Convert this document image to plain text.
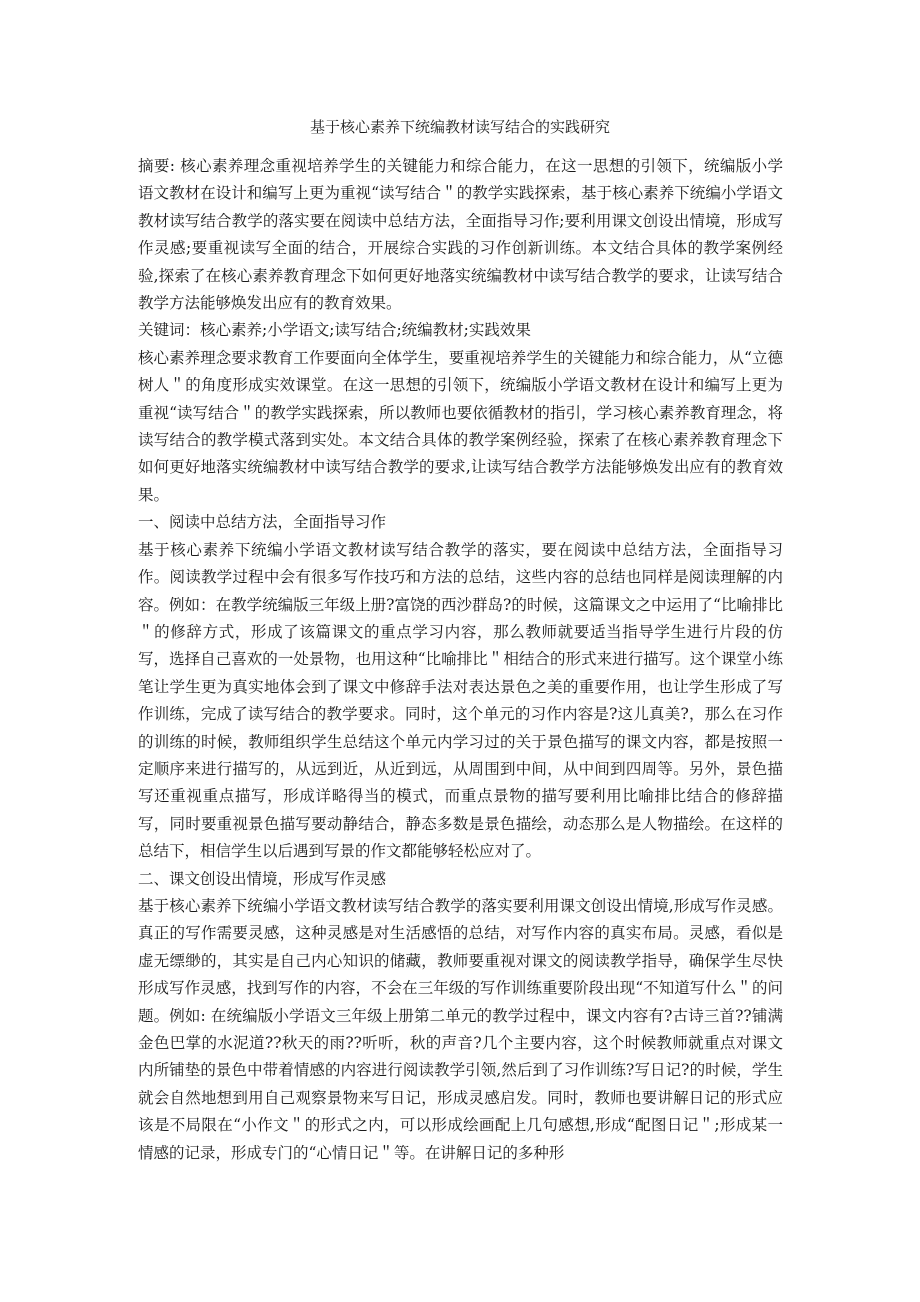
基于核心素养下统编教材读写结合的实践研究

摘要: 核心素养理念重视培养学生的关键能力和综合能力，在这一思想的引领下，统编版小学语文教材在设计和编写上更为重视“读写结合＂的教学实践探索，基于核心素养下统编小学语文教材读写结合教学的落实要在阅读中总结方法，全面指导习作;要利用课文创设出情境，形成写作灵感;要重视读写全面的结合，开展综合实践的习作创新训练。本文结合具体的教学案例经验,探索了在核心素养教育理念下如何更好地落实统编教材中读写结合教学的要求，让读写结合教学方法能够焕发出应有的教育效果。

关键词：核心素养;小学语文;读写结合;统编教材;实践效果

核心素养理念要求教育工作要面向全体学生，要重视培养学生的关键能力和综合能力，从“立德树人＂的角度形成实效课堂。在这一思想的引领下，统编版小学语文教材在设计和编写上更为重视“读写结合＂的教学实践探索，所以教师也要依循教材的指引，学习核心素养教育理念，将读写结合的教学模式落到实处。本文结合具体的教学案例经验，探索了在核心素养教育理念下如何更好地落实统编教材中读写结合教学的要求,让读写结合教学方法能够焕发出应有的教育效果。

一、阅读中总结方法，全面指导习作

基于核心素养下统编小学语文教材读写结合教学的落实，要在阅读中总结方法，全面指导习作。阅读教学过程中会有很多写作技巧和方法的总结，这些内容的总结也同样是阅读理解的内容。例如：在教学统编版三年级上册?富饶的西沙群岛?的时候，这篇课文之中运用了“比喻排比＂的修辞方式，形成了该篇课文的重点学习内容，那么教师就要适当指导学生进行片段的仿写，选择自己喜欢的一处景物，也用这种“比喻排比＂相结合的形式来进行描写。这个课堂小练笔让学生更为真实地体会到了课文中修辞手法对表达景色之美的重要作用，也让学生形成了写作训练，完成了读写结合的教学要求。同时，这个单元的习作内容是?这儿真美?，那么在习作的训练的时候，教师组织学生总结这个单元内学习过的关于景色描写的课文内容，都是按照一定顺序来进行描写的，从远到近，从近到远，从周围到中间，从中间到四周等。另外，景色描写还重视重点描写，形成详略得当的模式，而重点景物的描写要利用比喻排比结合的修辞描写，同时要重视景色描写要动静结合，静态多数是景色描绘，动态那么是人物描绘。在这样的总结下，相信学生以后遇到写景的作文都能够轻松应对了。

二、课文创设出情境，形成写作灵感

基于核心素养下统编小学语文教材读写结合教学的落实要利用课文创设出情境,形成写作灵感。真正的写作需要灵感，这种灵感是对生活感悟的总结，对写作内容的真实布局。灵感，看似是虚无缥缈的，其实是自己内心知识的储藏，教师要重视对课文的阅读教学指导，确保学生尽快形成写作灵感，找到写作的内容，不会在三年级的写作训练重要阶段出现“不知道写什么＂的问题。例如: 在统编版小学语文三年级上册第二单元的教学过程中，课文内容有?古诗三首??铺满金色巴掌的水泥道??秋天的雨??听听，秋的声音?几个主要内容，这个时候教师就重点对课文内所铺垫的景色中带着情感的内容进行阅读教学引领,然后到了习作训练?写日记?的时候，学生就会自然地想到用自己观察景物来写日记，形成灵感启发。同时，教师也要讲解日记的形式应该是不局限在“小作文＂的形式之内，可以形成绘画配上几句感想,形成“配图日记＂;形成某一情感的记录，形成专门的“心情日记＂等。在讲解日记的多种形
